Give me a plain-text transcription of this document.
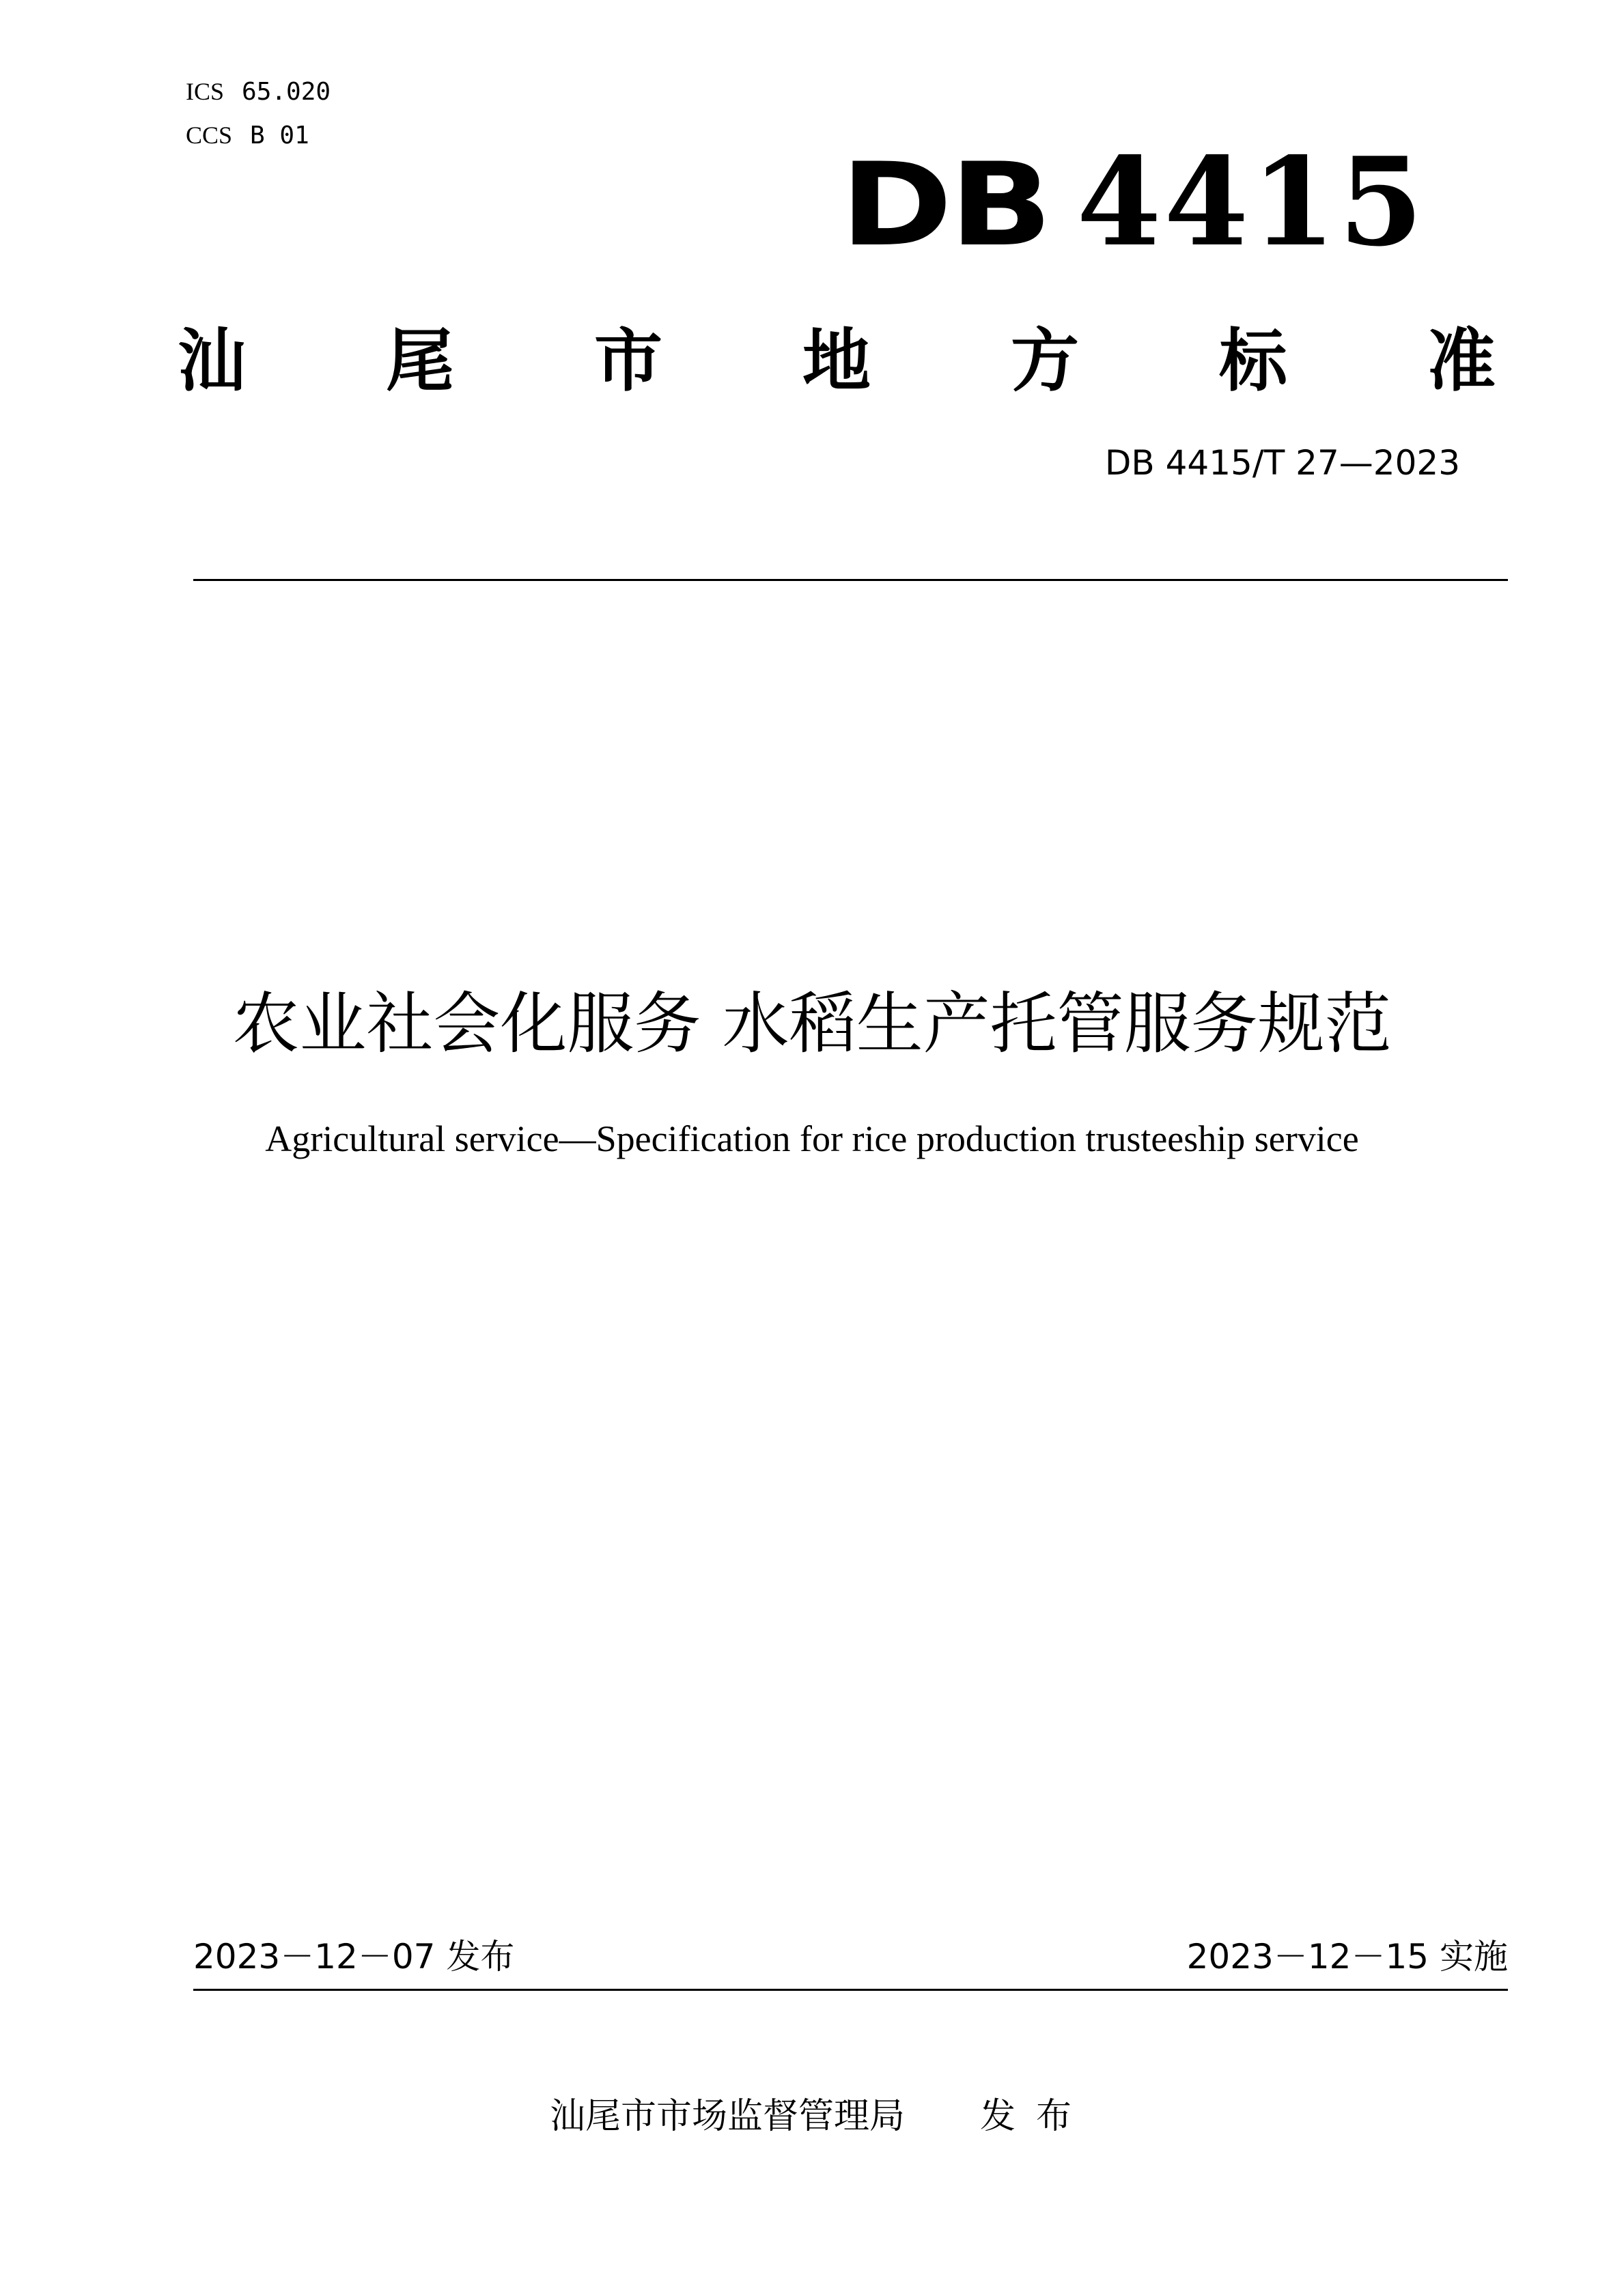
ICS 65.020
CCS B 01
DB 4415
汕 尾 市 地 方 标 准
DB 4415/T 27—2023
农业社会化服务 水稻生产托管服务规范
Agricultural service—Specification for rice production trusteeship service
2023－12－07 发布	2023－12－15 实施
汕尾市市场监督管理局 发布
